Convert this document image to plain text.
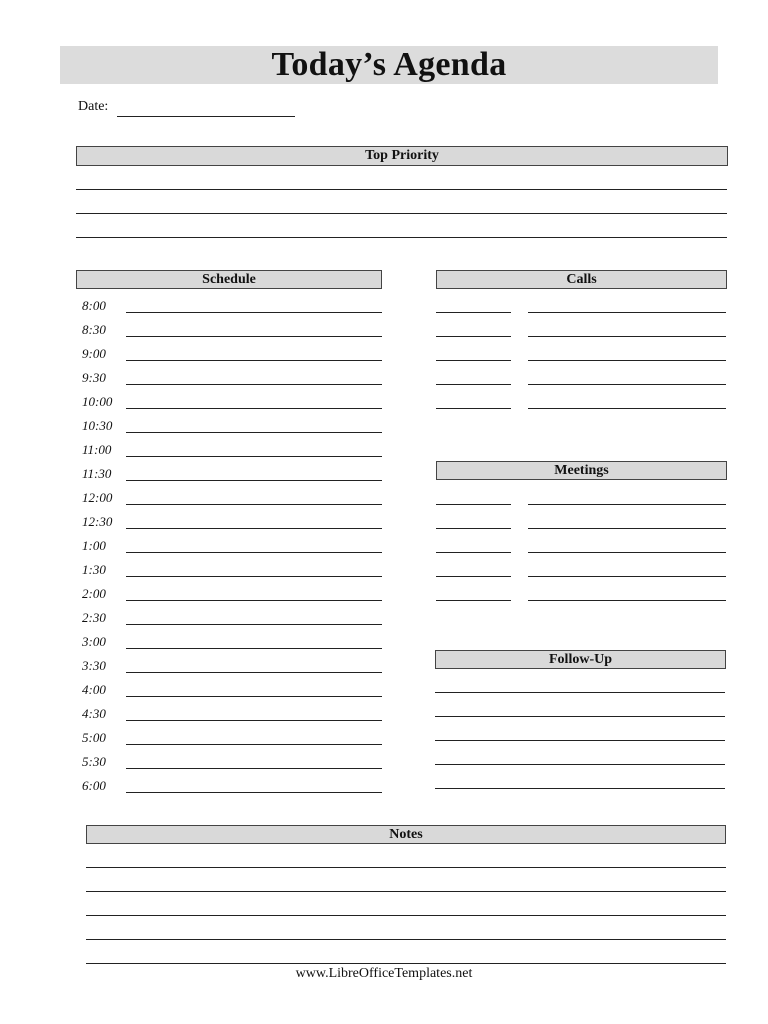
Today’s Agenda
Date:
Top Priority
Schedule
8:00
8:30
9:00
9:30
10:00
10:30
11:00
11:30
12:00
12:30
1:00
1:30
2:00
2:30
3:00
3:30
4:00
4:30
5:00
5:30
6:00
Calls
Meetings
Follow-Up
Notes
www.LibreOfficeTemplates.net
